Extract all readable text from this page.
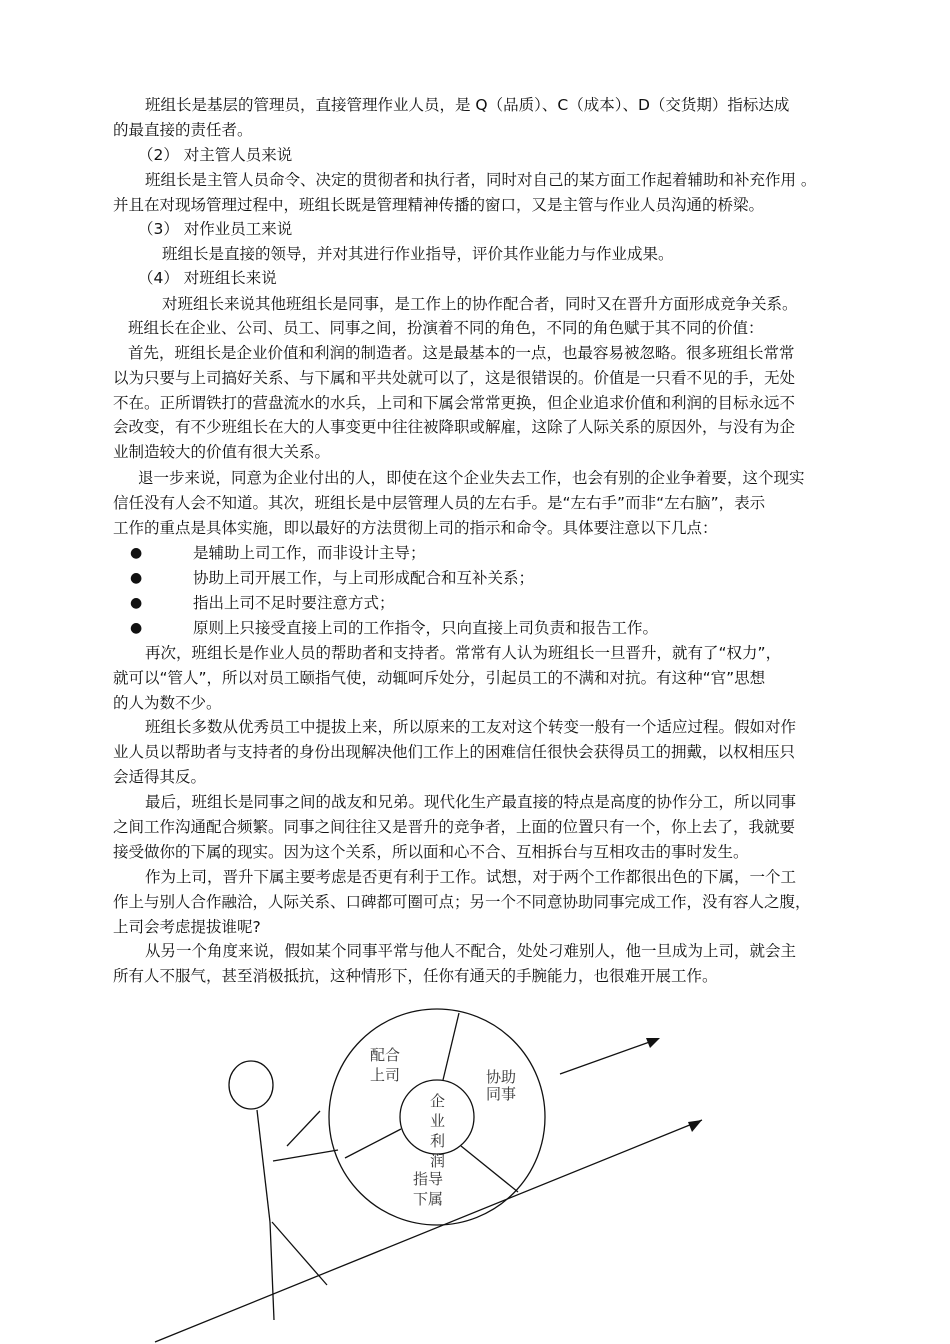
班组长是基层的管理员，直接管理作业人员，是 Q（品质）、C（成本）、D（交货期）指标达成
的最直接的责任者。
（2） 对主管人员来说
班组长是主管人员命令、决定的贯彻者和执行者，同时对自己的某方面工作起着辅助和补充作用 。
并且在对现场管理过程中，班组长既是管理精神传播的窗口，又是主管与作业人员沟通的桥梁。
（3） 对作业员工来说
班组长是直接的领导，并对其进行作业指导，评价其作业能力与作业成果。
（4） 对班组长来说
对班组长来说其他班组长是同事，是工作上的协作配合者，同时又在晋升方面形成竞争关系。
班组长在企业、公司、员工、同事之间，扮演着不同的角色，不同的角色赋于其不同的价值：
首先，班组长是企业价值和利润的制造者。这是最基本的一点，也最容易被忽略。很多班组长常常
以为只要与上司搞好关系、与下属和平共处就可以了，这是很错误的。价值是一只看不见的手，无处
不在。正所谓铁打的营盘流水的水兵，上司和下属会常常更换，但企业追求价值和利润的目标永远不
会改变，有不少班组长在大的人事变更中往往被降职或解雇，这除了人际关系的原因外，与没有为企
业制造较大的价值有很大关系。
退一步来说，同意为企业付出的人，即使在这个企业失去工作，也会有别的企业争着要，这个现实
信任没有人会不知道。其次，班组长是中层管理人员的左右手。是“左右手”而非“左右脑”，表示
工作的重点是具体实施，即以最好的方法贯彻上司的指示和命令。具体要注意以下几点：
●	是辅助上司工作，而非设计主导；
●	协助上司开展工作，与上司形成配合和互补关系；
●	指出上司不足时要注意方式；
●	原则上只接受直接上司的工作指令，只向直接上司负责和报告工作。
再次，班组长是作业人员的帮助者和支持者。常常有人认为班组长一旦晋升，就有了“权力”，
就可以“管人”，所以对员工颐指气使，动辄呵斥处分，引起员工的不满和对抗。有这种“官”思想
的人为数不少。
班组长多数从优秀员工中提拔上来，所以原来的工友对这个转变一般有一个适应过程。假如对作
业人员以帮助者与支持者的身份出现解决他们工作上的困难信任很快会获得员工的拥戴，以权相压只
会适得其反。
最后，班组长是同事之间的战友和兄弟。现代化生产最直接的特点是高度的协作分工，所以同事
之间工作沟通配合频繁。同事之间往往又是晋升的竞争者，上面的位置只有一个，你上去了，我就要
接受做你的下属的现实。因为这个关系，所以面和心不合、互相拆台与互相攻击的事时发生。
作为上司，晋升下属主要考虑是否更有利于工作。试想，对于两个工作都很出色的下属，一个工
作上与别人合作融洽，人际关系、口碑都可圈可点；另一个不同意协助同事完成工作，没有容人之腹，
上司会考虑提拔谁呢?
从另一个角度来说，假如某个同事平常与他人不配合，处处刁难别人，他一旦成为上司，就会主
所有人不服气，甚至消极抵抗，这种情形下，任你有通天的手腕能力，也很难开展工作。
配合
上司	协助
同事
企
业
利
润
指导
下属
